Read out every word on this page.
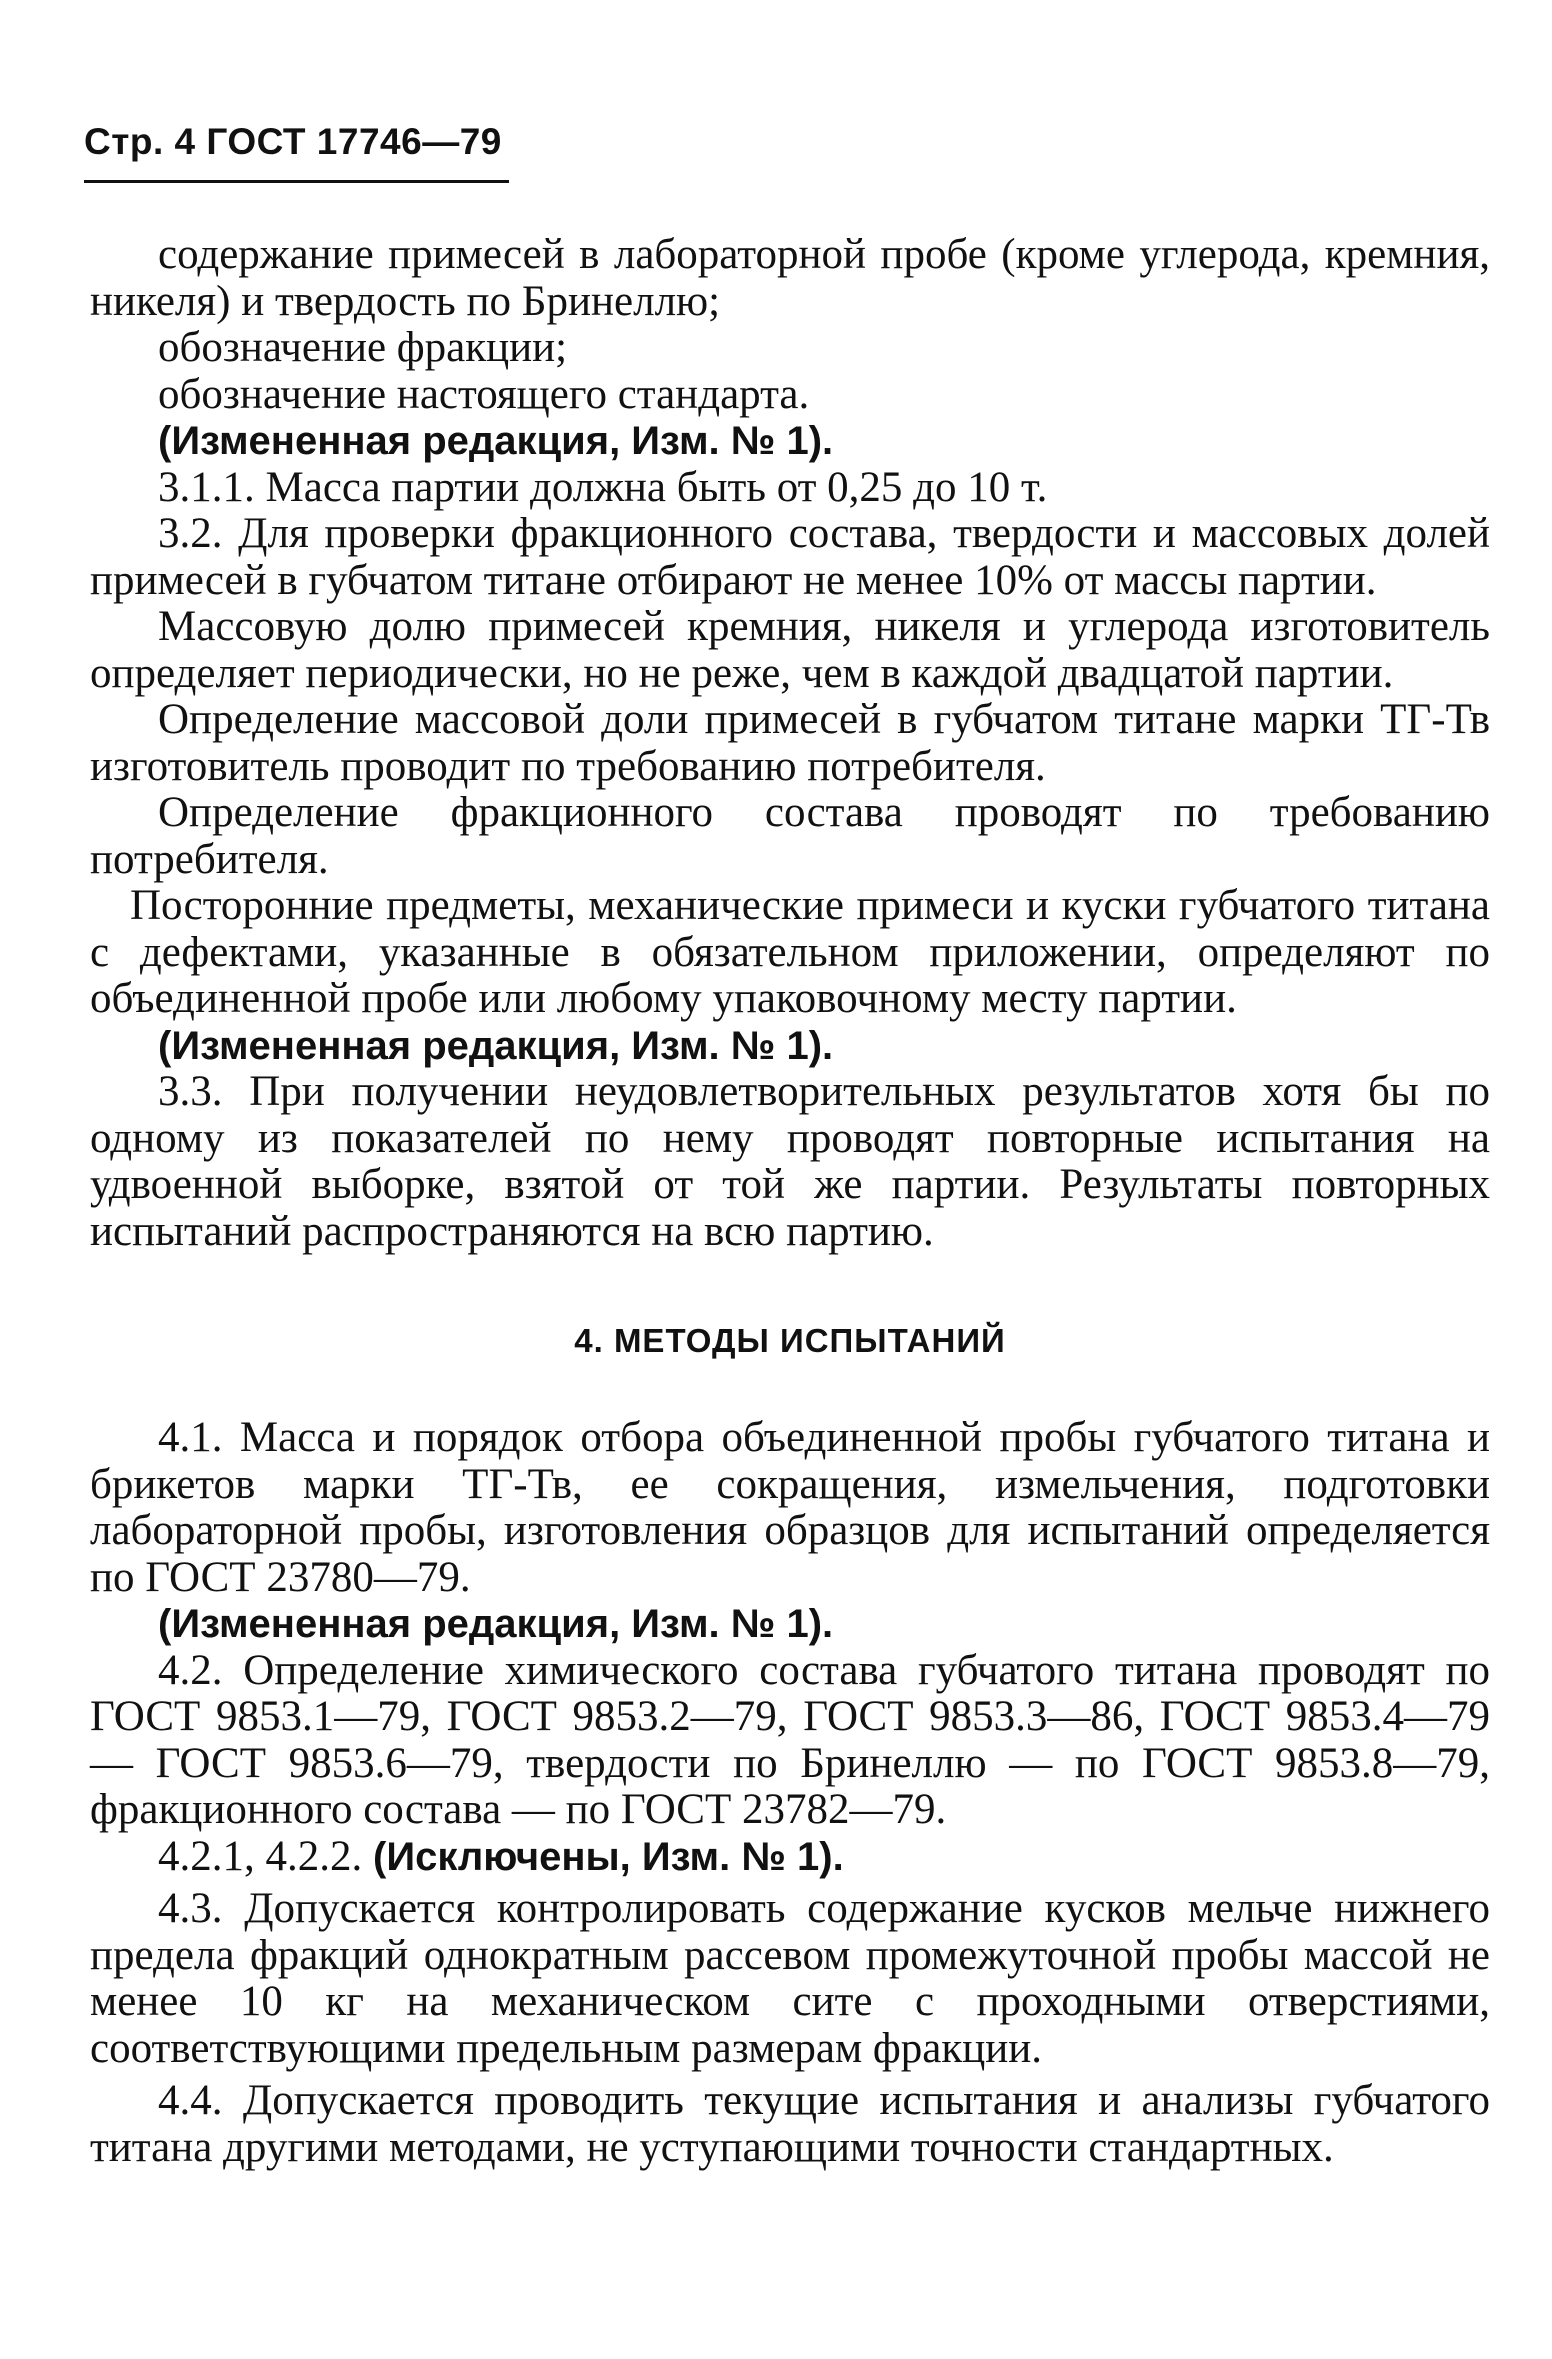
Стр. 4 ГОСТ 17746—79

содержание примесей в лабораторной пробе (кроме углерода, кремния, никеля) и твердость по Бринеллю;

обозначение фракции;

обозначение настоящего стандарта.

(Измененная редакция, Изм. № 1).

3.1.1. Масса партии должна быть от 0,25 до 10 т.

3.2. Для проверки фракционного состава, твердости и массовых долей примесей в губчатом титане отбирают не менее 10% от массы партии.

Массовую долю примесей кремния, никеля и углерода изготовитель определяет периодически, но не реже, чем в каждой двадцатой партии.

Определение массовой доли примесей в губчатом титане марки ТГ-Тв изготовитель проводит по требованию потребителя.

Определение фракционного состава проводят по требованию потребителя.

Посторонние предметы, механические примеси и куски губчатого титана с дефектами, указанные в обязательном приложении, определяют по объединенной пробе или любому упаковочному месту партии.

(Измененная редакция, Изм. № 1).

3.3. При получении неудовлетворительных результатов хотя бы по одному из показателей по нему проводят повторные испытания на удвоенной выборке, взятой от той же партии. Результаты повторных испытаний распространяются на всю партию.

4. МЕТОДЫ ИСПЫТАНИЙ

4.1. Масса и порядок отбора объединенной пробы губчатого титана и брикетов марки ТГ-Тв, ее сокращения, измельчения, подготовки лабораторной пробы, изготовления образцов для испытаний определяется по ГОСТ 23780—79.

(Измененная редакция, Изм. № 1).

4.2. Определение химического состава губчатого титана проводят по ГОСТ 9853.1—79, ГОСТ 9853.2—79, ГОСТ 9853.3—86, ГОСТ 9853.4—79 — ГОСТ 9853.6—79, твердости по Бринеллю — по ГОСТ 9853.8—79, фракционного состава — по ГОСТ 23782—79.

4.2.1, 4.2.2. (Исключены, Изм. № 1).

4.3. Допускается контролировать содержание кусков мельче нижнего предела фракций однократным рассевом промежуточной пробы массой не менее 10 кг на механическом сите с проходными отверстиями, соответствующими предельным размерам фракции.

4.4. Допускается проводить текущие испытания и анализы губчатого титана другими методами, не уступающими точности стандартных.
